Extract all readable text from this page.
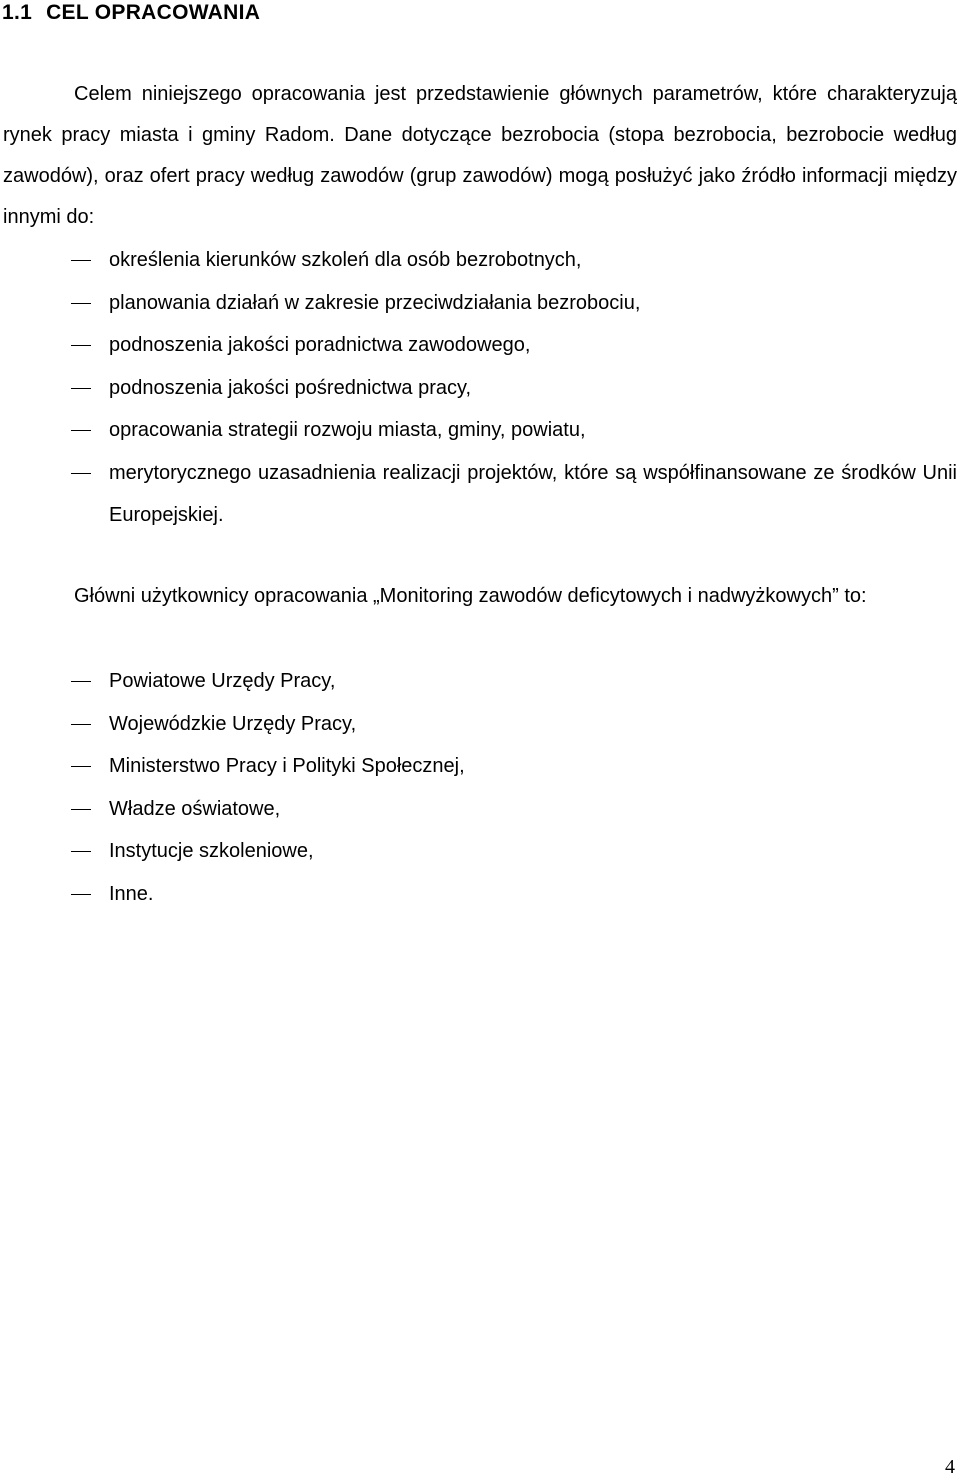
1.1 CEL OPRACOWANIA

Celem niniejszego opracowania jest przedstawienie głównych parametrów, które charakteryzują rynek pracy miasta i gminy Radom. Dane dotyczące bezrobocia (stopa bezrobocia, bezrobocie według zawodów), oraz ofert pracy według zawodów (grup zawodów) mogą posłużyć jako źródło informacji między innymi do:

określenia kierunków szkoleń dla osób bezrobotnych,
planowania działań w zakresie przeciwdziałania bezrobociu,
podnoszenia jakości poradnictwa zawodowego,
podnoszenia jakości pośrednictwa pracy,
opracowania strategii rozwoju miasta, gminy, powiatu,
merytorycznego uzasadnienia realizacji projektów, które są współfinansowane ze środków Unii Europejskiej.

Główni użytkownicy opracowania „Monitoring zawodów deficytowych i nadwyżkowych” to:

Powiatowe Urzędy Pracy,
Wojewódzkie Urzędy Pracy,
Ministerstwo Pracy i Polityki Społecznej,
Władze oświatowe,
Instytucje szkoleniowe,
Inne.
4
